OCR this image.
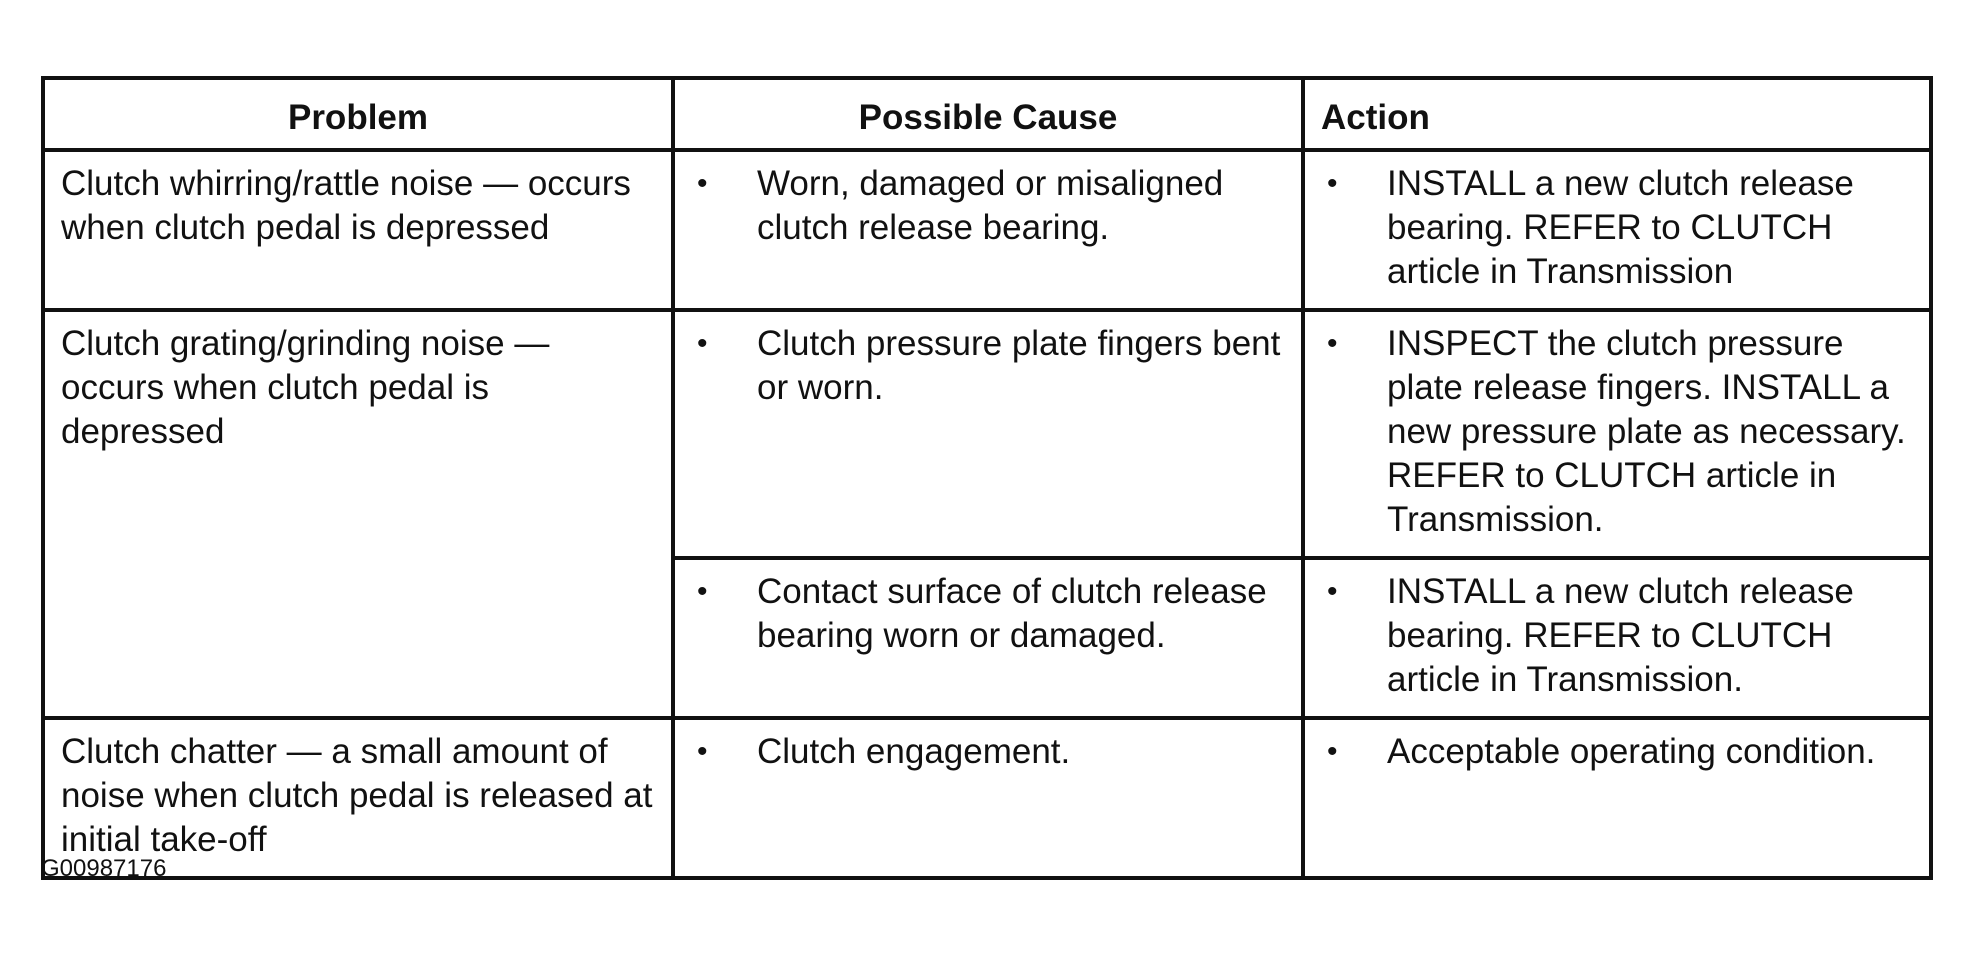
Problem	Possible Cause	Action
Clutch whirring/rattle noise — occurs when clutch pedal is depressed	• Worn, damaged or misaligned clutch release bearing.	• INSTALL a new clutch release bearing. REFER to CLUTCH article in Transmission

Clutch grating/grinding noise — occurs when clutch pedal is depressed	• Clutch pressure plate fingers bent or worn.	• INSPECT the clutch pressure plate release fingers. INSTALL a new pressure plate as necessary. REFER to CLUTCH article in Transmission.

	• Contact surface of clutch release bearing worn or damaged.	• INSTALL a new clutch release bearing. REFER to CLUTCH article in Transmission.

Clutch chatter — a small amount of noise when clutch pedal is released at initial take-off	• Clutch engagement.	• Acceptable operating condition.
G00987176
